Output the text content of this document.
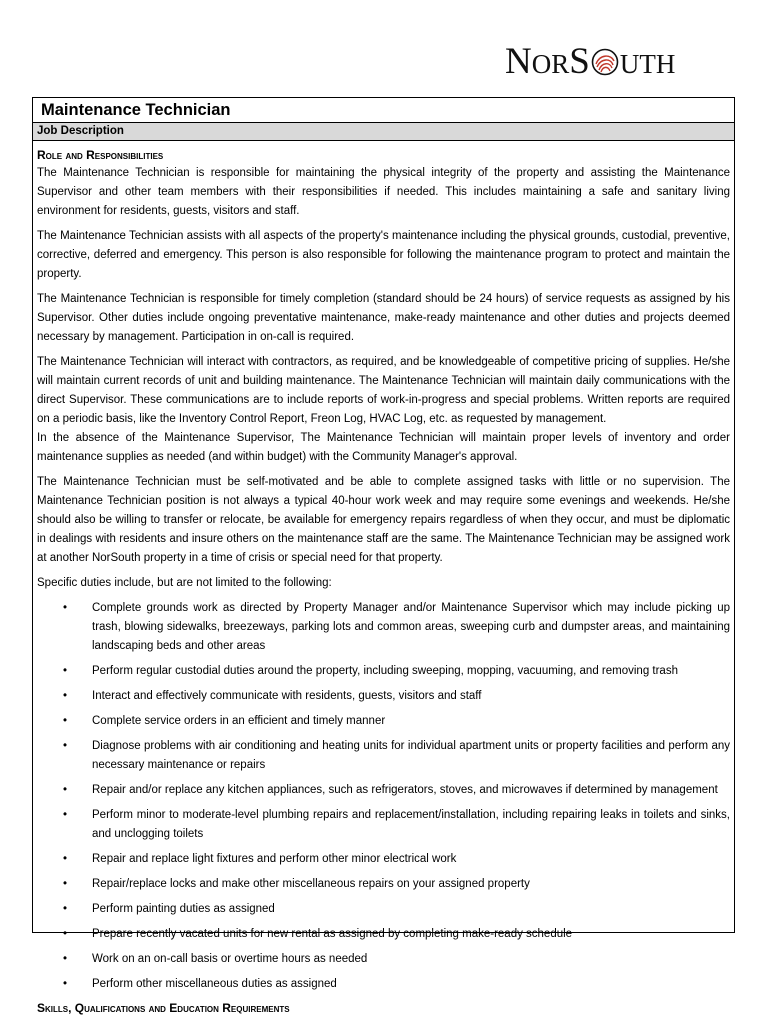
N OR S UTH
Maintenance Technician
Job Description
Role and Responsibilities
The Maintenance Technician is responsible for maintaining the physical integrity of the property and assisting the Maintenance Supervisor and other team members with their responsibilities if needed. This includes maintaining a safe and sanitary living environment for residents, guests, visitors and staff.
The Maintenance Technician assists with all aspects of the property's maintenance including the physical grounds, custodial, preventive, corrective, deferred and emergency. This person is also responsible for following the maintenance program to protect and maintain the property.
The Maintenance Technician is responsible for timely completion (standard should be 24 hours) of service requests as assigned by his Supervisor. Other duties include ongoing preventative maintenance, make-ready maintenance and other duties and projects deemed necessary by management. Participation in on-call is required.
The Maintenance Technician will interact with contractors, as required, and be knowledgeable of competitive pricing of supplies. He/she will maintain current records of unit and building maintenance. The Maintenance Technician will maintain daily communications with the direct Supervisor. These communications are to include reports of work-in-progress and special problems. Written reports are required on a periodic basis, like the Inventory Control Report, Freon Log, HVAC Log, etc. as requested by management.
In the absence of the Maintenance Supervisor, The Maintenance Technician will maintain proper levels of inventory and order maintenance supplies as needed (and within budget) with the Community Manager's approval.
The Maintenance Technician must be self-motivated and be able to complete assigned tasks with little or no supervision. The Maintenance Technician position is not always a typical 40-hour work week and may require some evenings and weekends. He/she should also be willing to transfer or relocate, be available for emergency repairs regardless of when they occur, and must be diplomatic in dealings with residents and insure others on the maintenance staff are the same. The Maintenance Technician may be assigned work at another NorSouth property in a time of crisis or special need for that property.
Specific duties include, but are not limited to the following:
• Complete grounds work as directed by Property Manager and/or Maintenance Supervisor which may include picking up trash, blowing sidewalks, breezeways, parking lots and common areas, sweeping curb and dumpster areas, and maintaining landscaping beds and other areas
• Perform regular custodial duties around the property, including sweeping, mopping, vacuuming, and removing trash
• Interact and effectively communicate with residents, guests, visitors and staff
• Complete service orders in an efficient and timely manner
• Diagnose problems with air conditioning and heating units for individual apartment units or property facilities and perform any necessary maintenance or repairs
• Repair and/or replace any kitchen appliances, such as refrigerators, stoves, and microwaves if determined by management
• Perform minor to moderate-level plumbing repairs and replacement/installation, including repairing leaks in toilets and sinks, and unclogging toilets
• Repair and replace light fixtures and perform other minor electrical work
• Repair/replace locks and make other miscellaneous repairs on your assigned property
• Perform painting duties as assigned
• Prepare recently vacated units for new rental as assigned by completing make-ready schedule
• Work on an on-call basis or overtime hours as needed
• Perform other miscellaneous duties as assigned
Skills, Qualifications and Education Requirements
